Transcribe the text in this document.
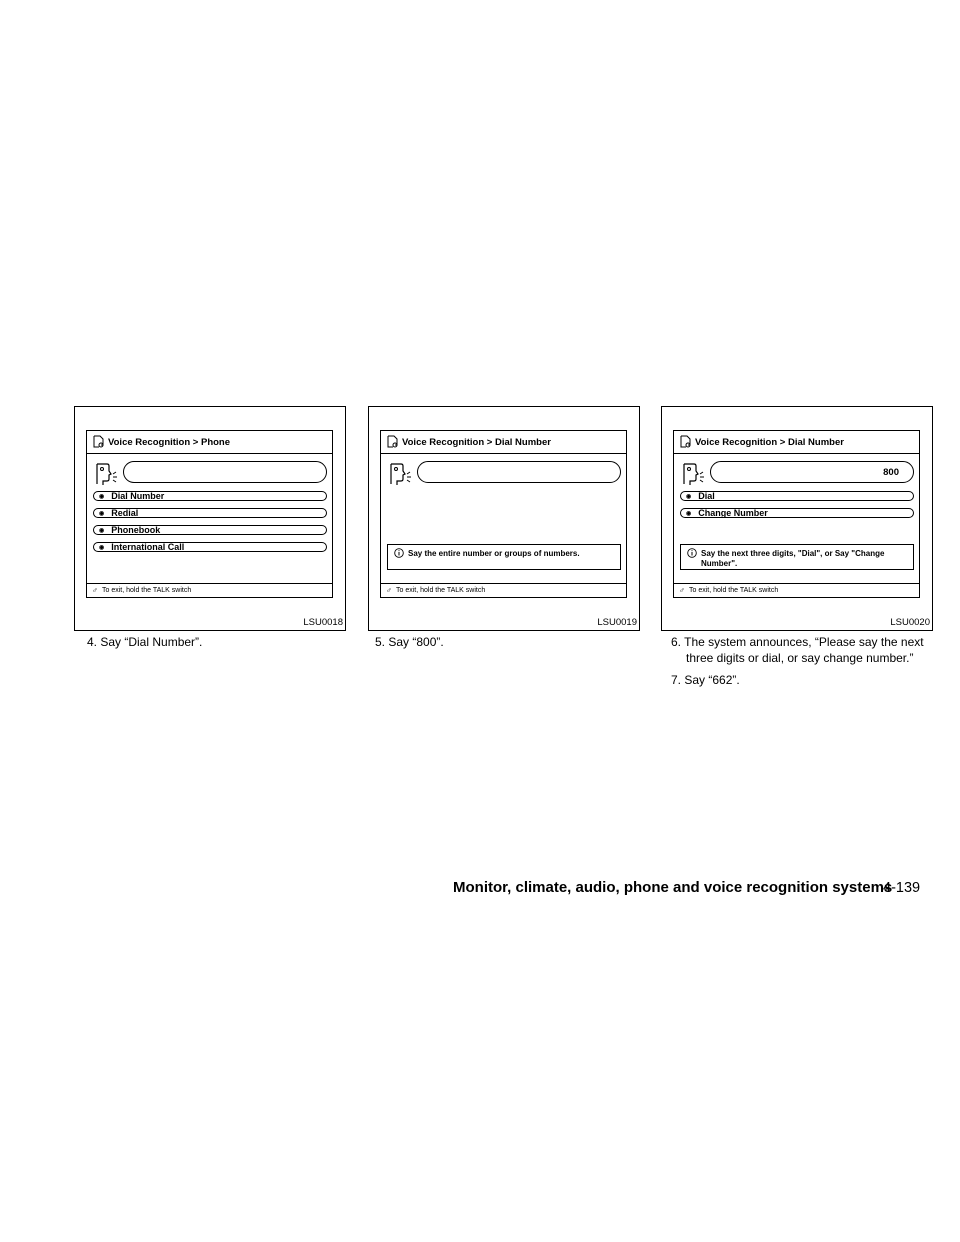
Voice Recognition > Phone
◉ Dial Number
◉ Redial
◉ Phonebook
◉ International Call
♂ To exit, hold the TALK switch
LSU0018
Voice Recognition > Dial Number
Say the entire number or groups of numbers.
♂ To exit, hold the TALK switch
LSU0019
Voice Recognition > Dial Number
800
◉ Dial
◉ Change Number
Say the next three digits, "Dial", or Say "Change Number".
♂ To exit, hold the TALK switch
LSU0020
4. Say “Dial Number”.	5. Say “800”.	6. The system announces, “Please say the next
three digits or dial, or say change number.”
7. Say “662”.
Monitor, climate, audio, phone and voice recognition systems
4-139
